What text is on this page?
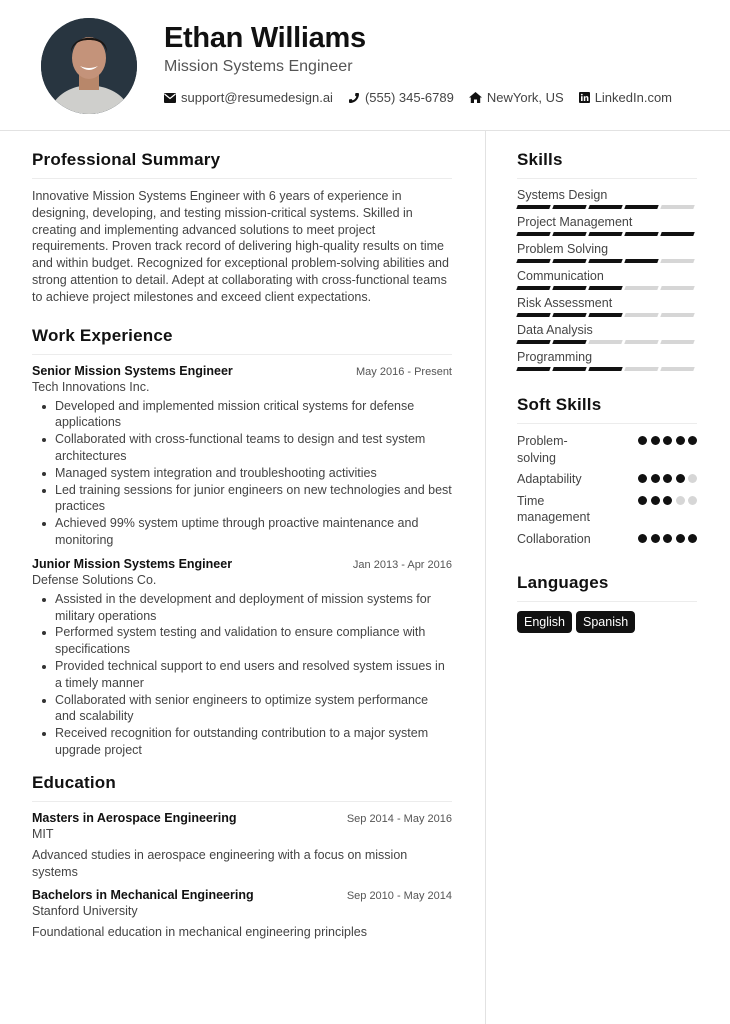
Ethan Williams
Mission Systems Engineer
support@resumedesign.ai (555) 345-6789	NewYork, US LinkedIn.com
Professional Summary

Innovative Mission Systems Engineer with 6 years of experience in designing, developing, and testing mission-critical systems. Skilled in creating and implementing advanced solutions to meet project requirements. Proven track record of delivering high-quality results on time and within budget. Recognized for exceptional problem-solving abilities and strong attention to detail. Adept at collaborating with cross-functional teams to achieve project milestones and exceed client expectations.

Work Experience
Senior Mission Systems Engineer	May 2016 - Present
Tech Innovations Inc.
Developed and implemented mission critical systems for defense applications
Collaborated with cross-functional teams to design and test system architectures
Managed system integration and troubleshooting activities
Led training sessions for junior engineers on new technologies and best practices
Achieved 99% system uptime through proactive maintenance and monitoring
Junior Mission Systems Engineer	Jan 2013 - Apr 2016
Defense Solutions Co.
Assisted in the development and deployment of mission systems for military operations
Performed system testing and validation to ensure compliance with specifications
Provided technical support to end users and resolved system issues in a timely manner
Collaborated with senior engineers to optimize system performance and scalability
Received recognition for outstanding contribution to a major system upgrade project
Education
Masters in Aerospace Engineering	Sep 2014 - May 2016
MIT
Advanced studies in aerospace engineering with a focus on mission systems
Bachelors in Mechanical Engineering	Sep 2010 - May 2014
Stanford University
Foundational education in mechanical engineering principles
Skills
Systems Design
Project Management
Problem Solving
Communication
Risk Assessment
Data Analysis
Programming
Soft Skills
Problem-solving
Adaptability
Time management
Collaboration
Languages
English	Spanish
